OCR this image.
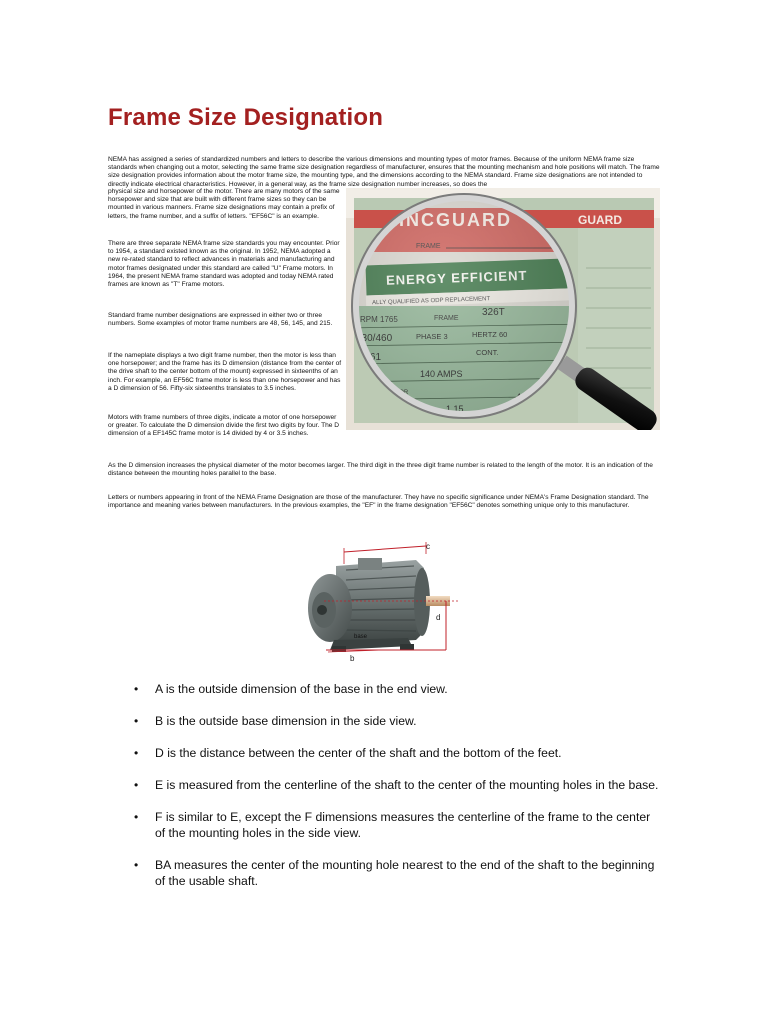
Frame Size Designation

NEMA has assigned a series of standardized numbers and letters to describe the various dimensions and mounting types of motor frames. Because of the uniform NEMA frame size standards when changing out a motor, selecting the same frame size designation regardless of manufacturer, ensures that the mounting mechanism and hole positions will match. The frame size designation provides information about the motor frame size, the mounting type, and the dimensions according to the NEMA standard. Frame size designations are not intended to directly indicate electrical characteristics. However, in a general way, as the frame size designation number increases, so does the

physical size and horsepower of the motor. There are many motors of the same horsepower and size that are built with different frame sizes so they can be mounted in various manners. Frame size designations may contain a prefix of letters, the frame number, and a suffix of letters. "EF56C" is an example.

There are three separate NEMA frame size standards you may encounter. Prior to 1954, a standard existed known as the original. In 1952, NEMA adopted a new re-rated standard to reflect advances in materials and manufacturing and motor frames designated under this standard are called "U" Frame motors. In 1964, the present NEMA frame standard was adopted and today NEMA rated frames are known as "T" Frame motors.

Standard frame number designations are expressed in either two or three numbers. Some examples of motor frame numbers are 48, 56, 145, and 215.

If the nameplate displays a two digit frame number, then the motor is less than one horsepower; and the frame has its D dimension (distance from the center of the drive shaft to the center bottom of the mount) expressed in sixteenths of an inch. For example, an EF56C frame motor is less than one horsepower and has a D dimension of 56. Fifty-six sixteenths translates to 3.5 inches.

Motors with frame numbers of three digits, indicate a motor of one horsepower or greater. To calculate the D dimension divide the first two digits by four. The D dimension of a EF145C frame motor is 14 divided by 4 or 3.5 inches.

As the D dimension increases the physical diameter of the motor becomes larger. The third digit in the three digit frame number is related to the length of the motor. It is an indication of the distance between the mounting holes parallel to the base.

Letters or numbers appearing in front of the NEMA Frame Designation are those of the manufacturer. They have no specific significance under NEMA's Frame Designation standard. The importance and meaning varies between manufacturers. In the previous examples, the "EF" in the frame designation "EF56C" denotes something unique only to this manufacturer.

GUARD
c
d
base
b
• A is the outside dimension of the base in the end view.
• B is the outside base dimension in the side view.
• D is the distance between the center of the shaft and the bottom of the feet.
• E is measured from the centerline of the shaft to the center of the mounting holes in the base.
• F is similar to E, except the F dimensions measures the centerline of the frame to the center of the mounting holes in the side view.
• BA measures the center of the mounting hole nearest to the end of the shaft to the beginning of the usable shaft.
